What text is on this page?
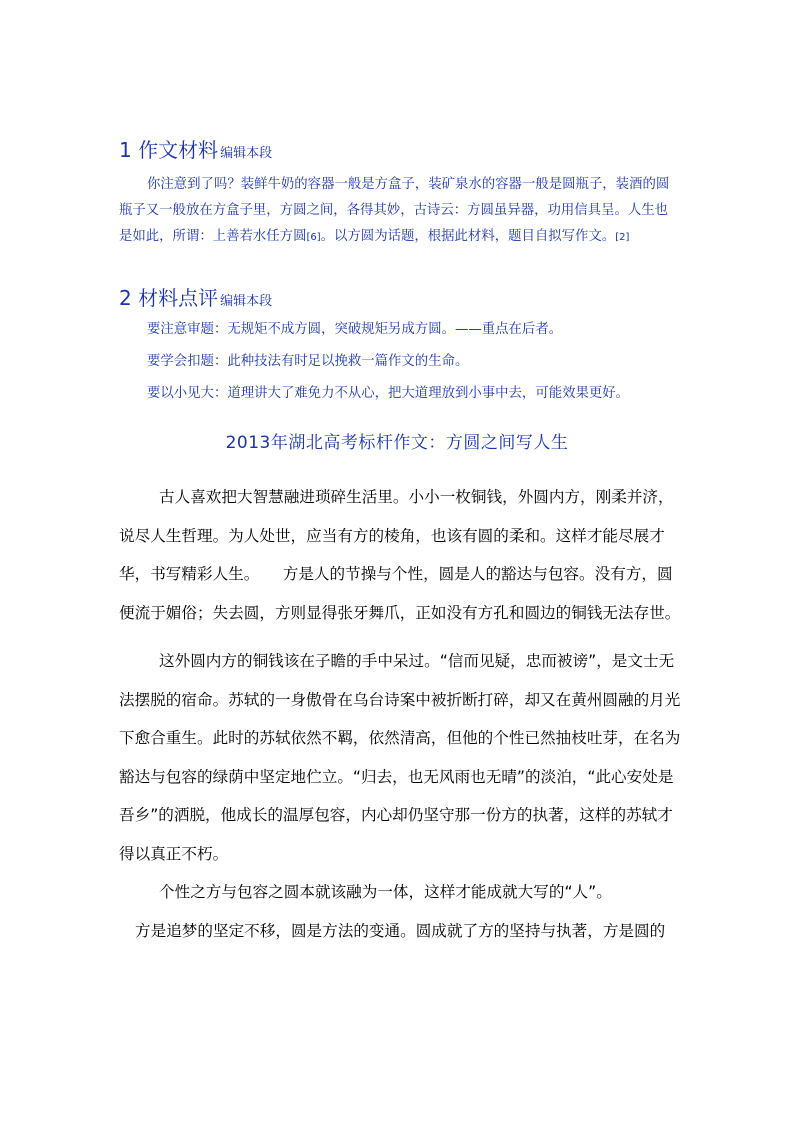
1 作文材料 编辑本段

你注意到了吗？装鲜牛奶的容器一般是方盒子，装矿泉水的容器一般是圆瓶子，装酒的圆瓶子又一般放在方盒子里，方圆之间，各得其妙，古诗云：方圆虽异器，功用信具呈。人生也是如此，所谓：上善若水任方圆[6]。以方圆为话题，根据此材料，题目自拟写作文。[2]

2 材料点评 编辑本段
要注意审题：无规矩不成方圆，突破规矩另成方圆。——重点在后者。
要学会扣题：此种技法有时足以挽救一篇作文的生命。
要以小见大：道理讲大了难免力不从心，把大道理放到小事中去，可能效果更好。
2013年湖北高考标杆作文：方圆之间写人生

古人喜欢把大智慧融进琐碎生活里。小小一枚铜钱，外圆内方，刚柔并济，说尽人生哲理。为人处世，应当有方的棱角，也该有圆的柔和。这样才能尽展才华，书写精彩人生。　　方是人的节操与个性，圆是人的豁达与包容。没有方，圆便流于媚俗；失去圆，方则显得张牙舞爪，正如没有方孔和圆边的铜钱无法存世。

这外圆内方的铜钱该在子瞻的手中呆过。“信而见疑，忠而被谤”，是文士无法摆脱的宿命。苏轼的一身傲骨在乌台诗案中被折断打碎，却又在黄州圆融的月光下愈合重生。此时的苏轼依然不羁，依然清高，但他的个性已然抽枝吐芽，在名为豁达与包容的绿荫中坚定地伫立。“归去，也无风雨也无晴”的淡泊，“此心安处是吾乡”的洒脱，他成长的温厚包容，内心却仍坚守那一份方的执著，这样的苏轼才得以真正不朽。

个性之方与包容之圆本就该融为一体，这样才能成就大写的“人”。

方是追梦的坚定不移，圆是方法的变通。圆成就了方的坚持与执著，方是圆的
